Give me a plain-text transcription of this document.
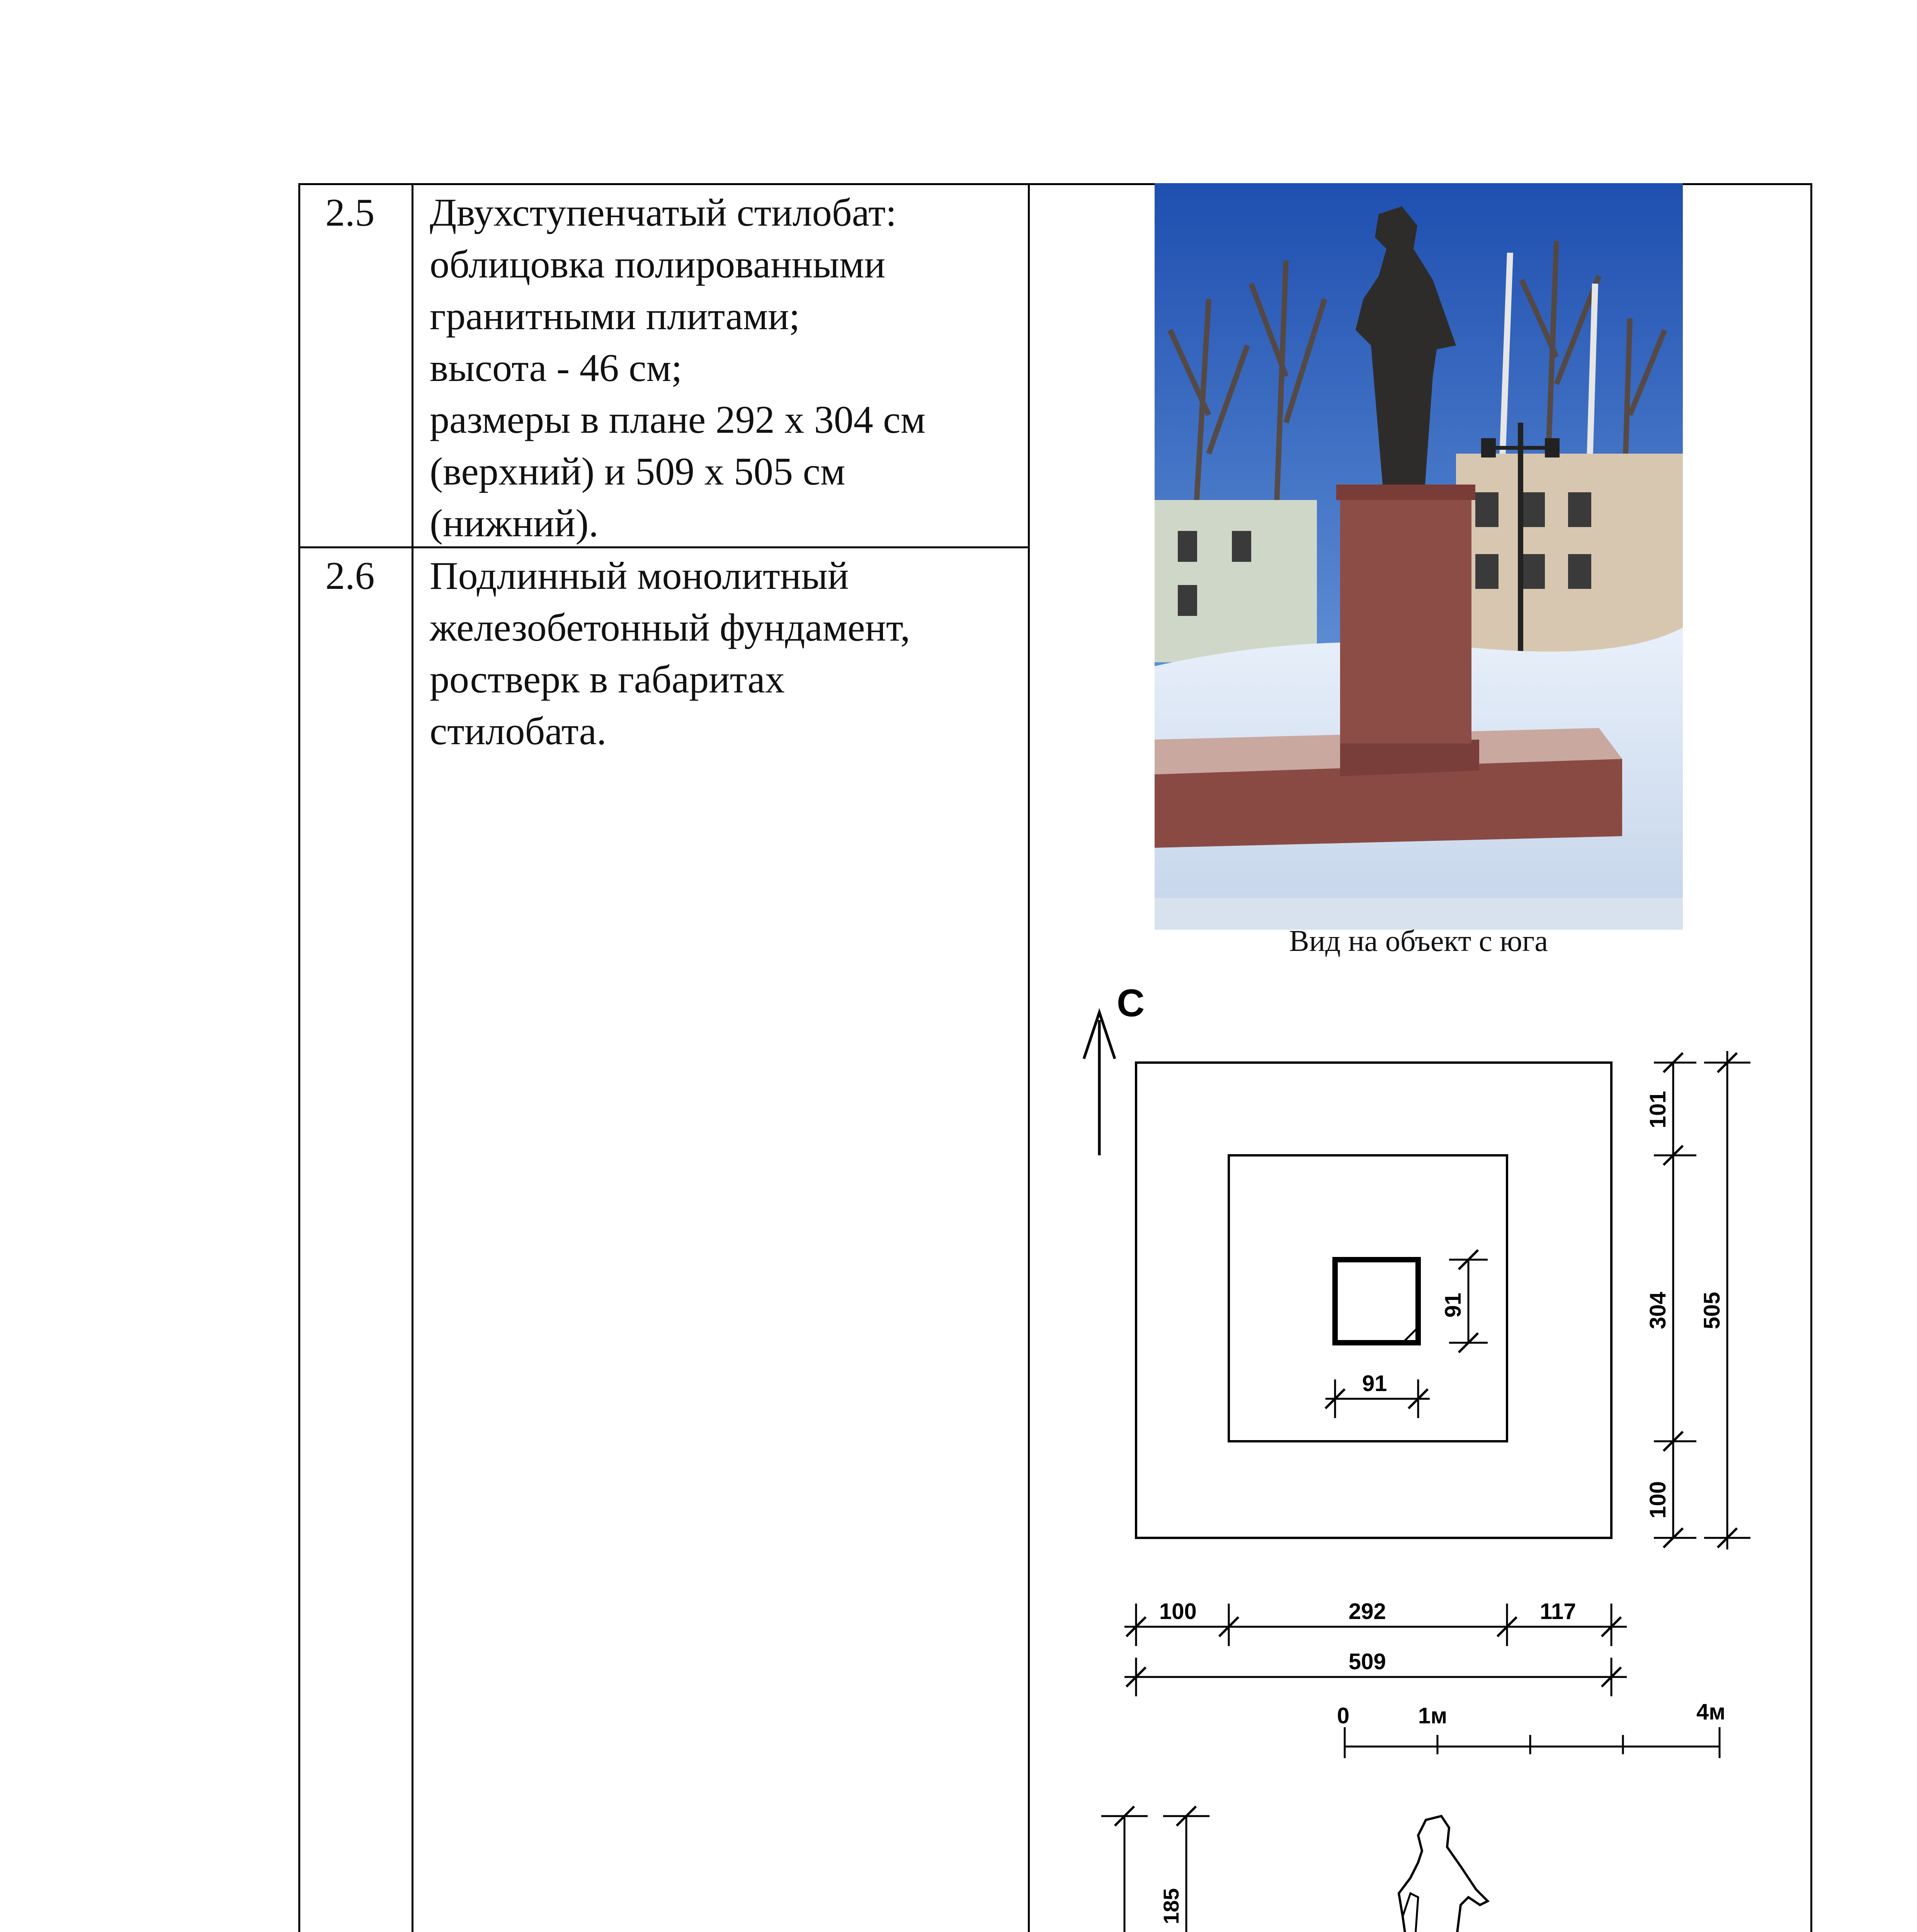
2.5 Двухступенчатый стилобат:
облицовка полированными
гранитными плитами;
высота - 46 см;
размеры в плане 292 х 304 см
(верхний) и 509 х 505 см
(нижний).
2.6 Подлинный монолитный
железобетонный фундамент,
ростверк в габаритах
стилобата.
Вид на объект с юга
С
101
304 505
100
91
91
100	292	117
509
0	1м	4м
185
